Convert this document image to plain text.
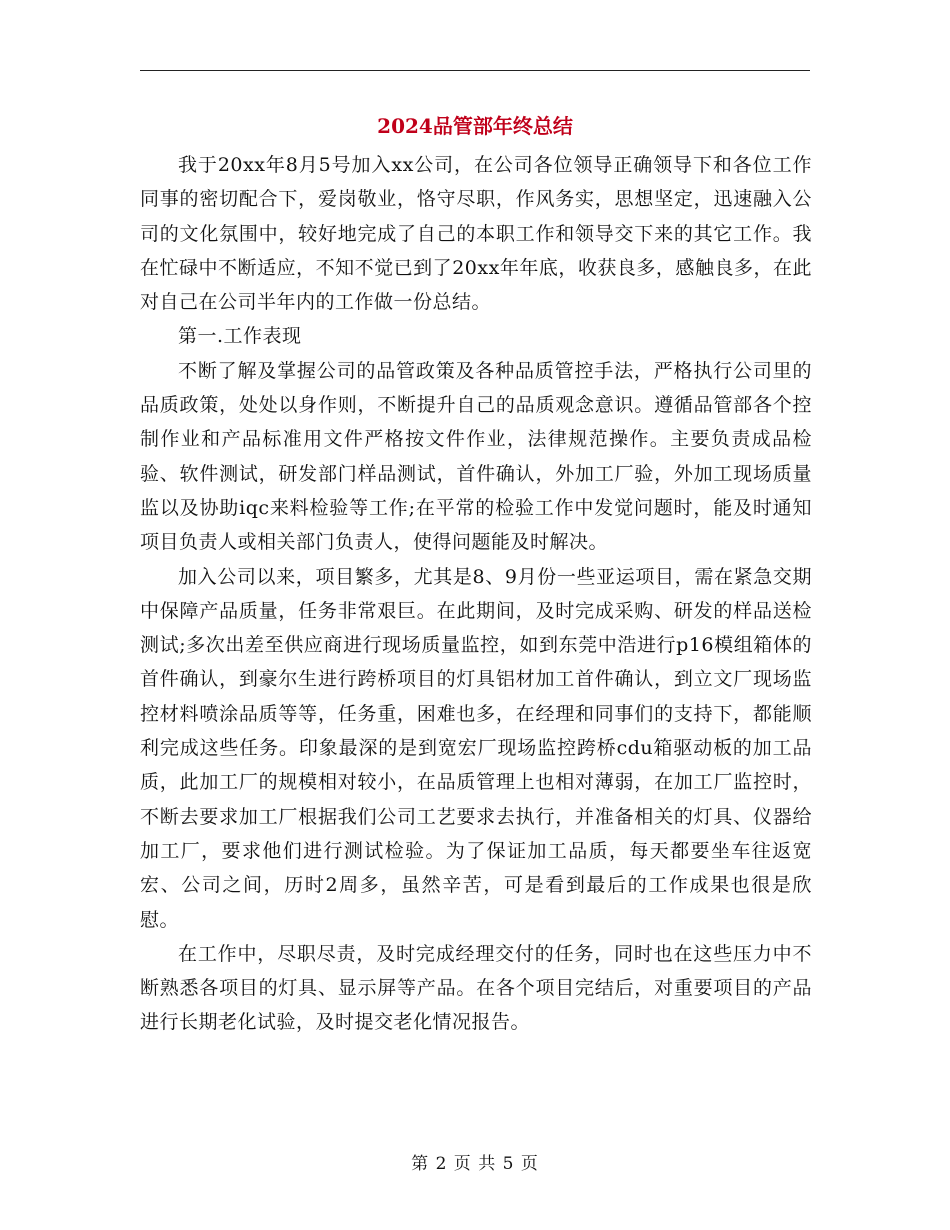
2024品管部年终总结

我于20xx年8月5号加入xx公司，在公司各位领导正确领导下和各位工作同事的密切配合下，爱岗敬业，恪守尽职，作风务实，思想坚定，迅速融入公司的文化氛围中，较好地完成了自己的本职工作和领导交下来的其它工作。我在忙碌中不断适应，不知不觉已到了20xx年年底，收获良多，感触良多，在此对自己在公司半年内的工作做一份总结。

第一.工作表现

不断了解及掌握公司的品管政策及各种品质管控手法，严格执行公司里的品质政策，处处以身作则，不断提升自己的品质观念意识。遵循品管部各个控制作业和产品标准用文件严格按文件作业，法律规范操作。主要负责成品检验、软件测试，研发部门样品测试，首件确认，外加工厂验，外加工现场质量监以及协助iqc来料检验等工作;在平常的检验工作中发觉问题时，能及时通知项目负责人或相关部门负责人，使得问题能及时解决。

加入公司以来，项目繁多，尤其是8、9月份一些亚运项目，需在紧急交期中保障产品质量，任务非常艰巨。在此期间，及时完成采购、研发的样品送检测试;多次出差至供应商进行现场质量监控，如到东莞中浩进行p16模组箱体的首件确认，到豪尔生进行跨桥项目的灯具铝材加工首件确认，到立文厂现场监控材料喷涂品质等等，任务重，困难也多，在经理和同事们的支持下，都能顺利完成这些任务。印象最深的是到宽宏厂现场监控跨桥cdu箱驱动板的加工品质，此加工厂的规模相对较小，在品质管理上也相对薄弱，在加工厂监控时，不断去要求加工厂根据我们公司工艺要求去执行，并准备相关的灯具、仪器给加工厂，要求他们进行测试检验。为了保证加工品质，每天都要坐车往返宽宏、公司之间，历时2周多，虽然辛苦，可是看到最后的工作成果也很是欣慰。

在工作中，尽职尽责，及时完成经理交付的任务，同时也在这些压力中不断熟悉各项目的灯具、显示屏等产品。在各个项目完结后，对重要项目的产品进行长期老化试验，及时提交老化情况报告。

第 2 页 共 5 页
